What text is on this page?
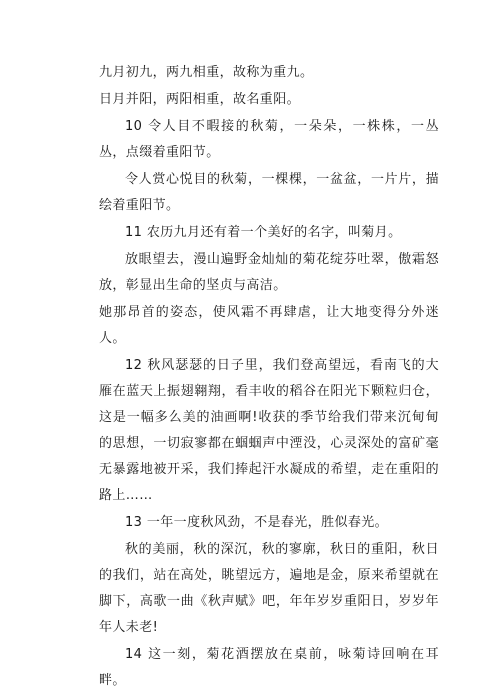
九月初九，两九相重，故称为重九。

日月并阳，两阳相重，故名重阳。

10 令人目不暇接的秋菊，一朵朵，一株株，一丛丛，点缀着重阳节。

令人赏心悦目的秋菊，一棵棵，一盆盆，一片片，描绘着重阳节。

11 农历九月还有着一个美好的名字，叫菊月。

放眼望去，漫山遍野金灿灿的菊花绽芬吐翠，傲霜怒放，彰显出生命的坚贞与高洁。

她那昂首的姿态，使风霜不再肆虐，让大地变得分外迷人。

12 秋风瑟瑟的日子里，我们登高望远，看南飞的大雁在蓝天上振翅翱翔，看丰收的稻谷在阳光下颗粒归仓，这是一幅多么美的油画啊!收获的季节给我们带来沉甸甸的思想，一切寂寥都在蝈蝈声中湮没，心灵深处的富矿毫无暴露地被开采，我们捧起汗水凝成的希望，走在重阳的路上……

13 一年一度秋风劲，不是春光，胜似春光。

秋的美丽，秋的深沉，秋的寥廓，秋日的重阳，秋日的我们，站在高处，眺望远方，遍地是金，原来希望就在脚下，高歌一曲《秋声赋》吧，年年岁岁重阳日，岁岁年年人未老!

14 这一刻，菊花酒摆放在桌前，咏菊诗回响在耳畔。
